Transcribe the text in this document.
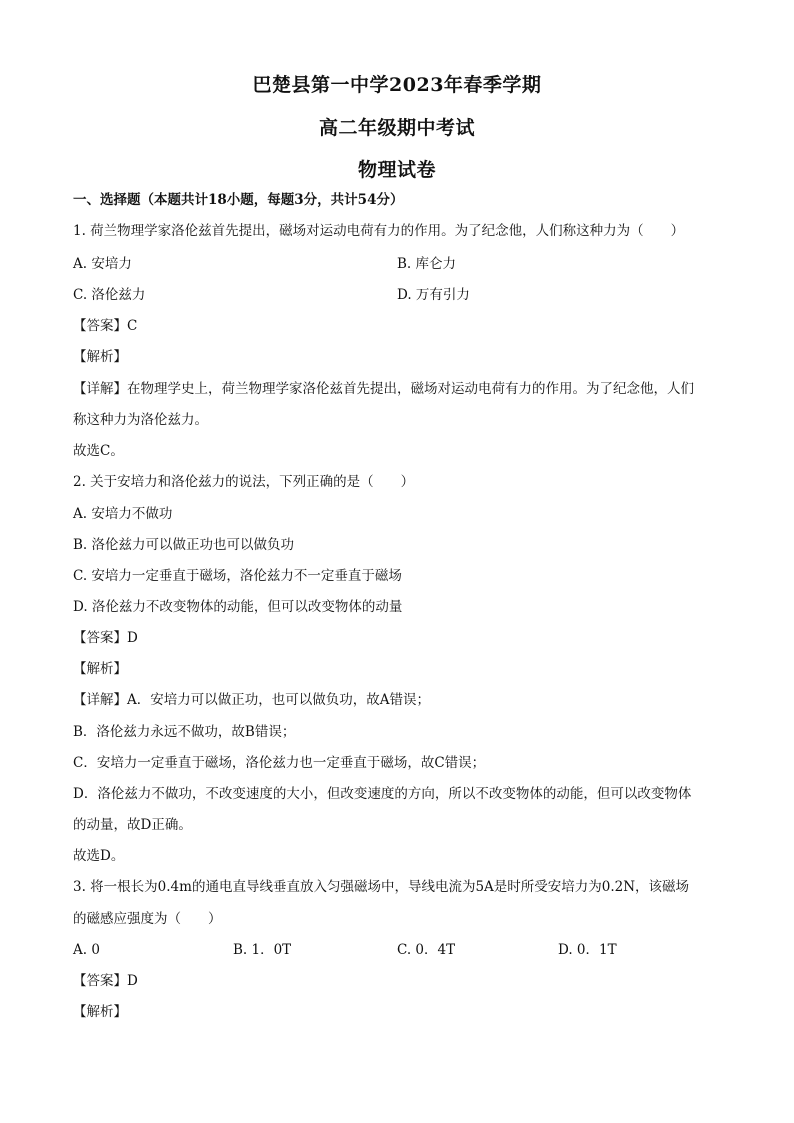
巴楚县第一中学2023年春季学期
高二年级期中考试
物理试卷
一、选择题（本题共计18小题，每题3分，共计54分）
1. 荷兰物理学家洛伦兹首先提出，磁场对运动电荷有力的作用。为了纪念他，人们称这种力为（　　）
A. 安培力	B. 库仑力
C. 洛伦兹力	D. 万有引力
【答案】C
【解析】
【详解】在物理学史上，荷兰物理学家洛伦兹首先提出，磁场对运动电荷有力的作用。为了纪念他，人们
称这种力为洛伦兹力。
故选C。
2. 关于安培力和洛伦兹力的说法，下列正确的是（　　）
A. 安培力不做功
B. 洛伦兹力可以做正功也可以做负功
C. 安培力一定垂直于磁场，洛伦兹力不一定垂直于磁场
D. 洛伦兹力不改变物体的动能，但可以改变物体的动量
【答案】D
【解析】
【详解】A．安培力可以做正功，也可以做负功，故A错误；
B．洛伦兹力永远不做功，故B错误；
C．安培力一定垂直于磁场，洛伦兹力也一定垂直于磁场，故C错误；
D．洛伦兹力不做功，不改变速度的大小，但改变速度的方向，所以不改变物体的动能，但可以改变物体
的动量，故D正确。
故选D。
3. 将一根长为0.4m的通电直导线垂直放入匀强磁场中，导线电流为5A是时所受安培力为0.2N，该磁场
的磁感应强度为（　　）
A. 0	B. 1．0T	C. 0．4T	D. 0．1T
【答案】D
【解析】
